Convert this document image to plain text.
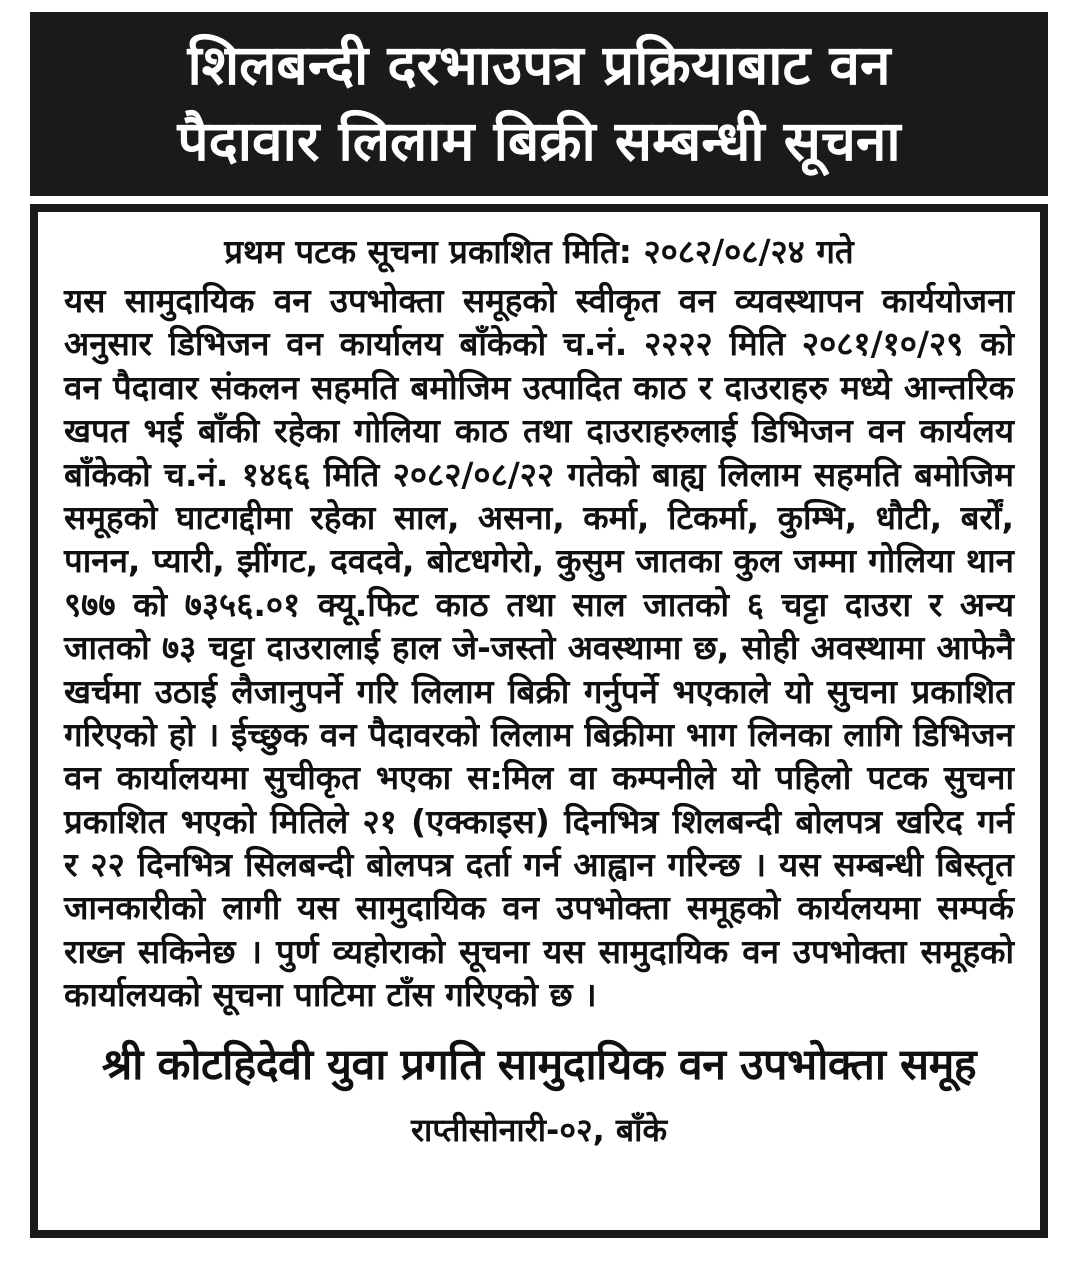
शिलबन्दी दरभाउपत्र प्रक्रियाबाट वन
पैदावार लिलाम बिक्री सम्बन्धी सूचना
प्रथम पटक सूचना प्रकाशित मिति: २०८२/०८/२४ गते
यस सामुदायिक वन उपभोक्ता समूहको स्वीकृत वन व्यवस्थापन कार्ययोजना अनुसार डिभिजन वन कार्यालय बाँकेको च.नं. २२२२ मिति २०८१/१०/२९ को वन पैदावार संकलन सहमति बमोजिम उत्पादित काठ र दाउराहरु मध्ये आन्तरिक खपत भई बाँकी रहेका गोलिया काठ तथा दाउराहरुलाई डिभिजन वन कार्यलय बाँकेको च.नं. १४६६ मिति २०८२/०८/२२ गतेको बाह्य लिलाम सहमति बमोजिम समूहको घाटगद्दीमा रहेका साल, असना, कर्मा, टिकर्मा, कुम्भि, धौटी, बर्रों, पानन, प्यारी, झींगट, दवदवे, बोटधगेरो, कुसुम जातका कुल जम्मा गोलिया थान ९७७ को ७३५६.०१ क्यू.फिट काठ तथा साल जातको ६ चट्टा दाउरा र अन्य जातको ७३ चट्टा दाउरालाई हाल जे-जस्तो अवस्थामा छ, सोही अवस्थामा आफेनै खर्चमा उठाई लैजानुपर्ने गरि लिलाम बिक्री गर्नुपर्ने भएकाले यो सुचना प्रकाशित गरिएको हो । ईच्छुक वन पैदावरको लिलाम बिक्रीमा भाग लिनका लागि डिभिजन वन कार्यालयमा सुचीकृत भएका स:मिल वा कम्पनीले यो पहिलो पटक सुचना प्रकाशित भएको मितिले २१ (एक्काइस) दिनभित्र शिलबन्दी बोलपत्र खरिद गर्न र २२ दिनभित्र सिलबन्दी बोलपत्र दर्ता गर्न आह्वान गरिन्छ । यस सम्बन्धी बिस्तृत जानकारीको लागी यस सामुदायिक वन उपभोक्ता समूहको कार्यलयमा सम्पर्क राख्न सकिनेछ । पुर्ण व्यहोराको सूचना यस सामुदायिक वन उपभोक्ता समूहको कार्यालयको सूचना पाटिमा टाँस गरिएको छ ।
श्री कोटहिदेवी युवा प्रगति सामुदायिक वन उपभोक्ता समूह
राप्तीसोनारी-०२, बाँके
